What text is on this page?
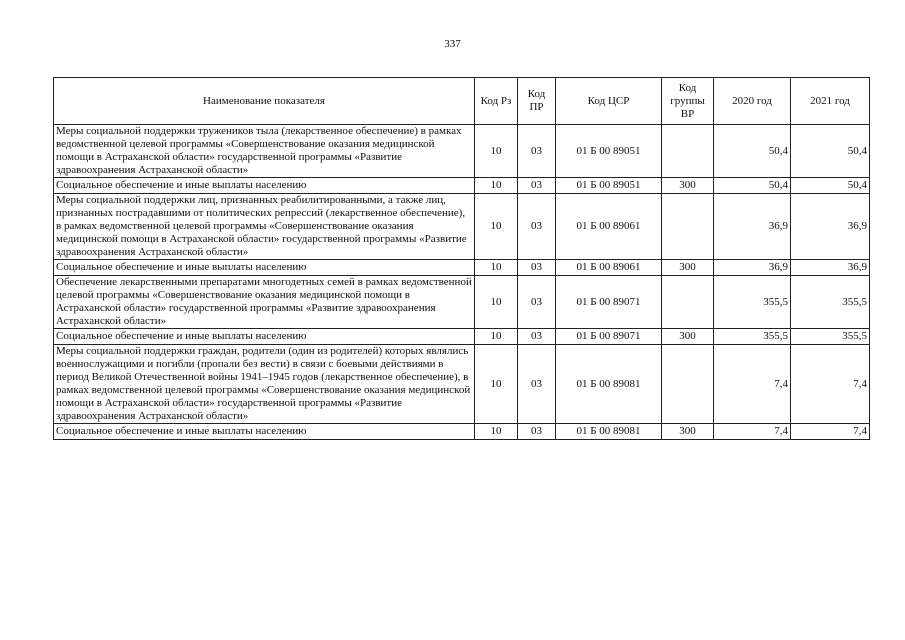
337
Наименование показателя	Код Рз	Код ПР	Код ЦСР	Код группы ВР	2020 год	2021 год
Меры социальной поддержки тружеников тыла (лекарственное обеспечение) в рамках ведомственной целевой программы «Совершенствование оказания медицинской помощи в Астраханской области» государственной программы «Развитие здравоохранения Астраханской области»	10	03	01 Б 00 89051		50,4	50,4
Социальное обеспечение и иные выплаты населению	10	03	01 Б 00 89051	300	50,4	50,4
Меры социальной поддержки лиц, признанных реабилитированными, а также лиц, признанных пострадавшими от политических репрессий (лекарственное обеспечение), в рамках ведомственной целевой программы «Совершенствование оказания медицинской помощи в Астраханской области» государственной программы «Развитие здравоохранения Астраханской области»	10	03	01 Б 00 89061		36,9	36,9
Социальное обеспечение и иные выплаты населению	10	03	01 Б 00 89061	300	36,9	36,9
Обеспечение лекарственными препаратами многодетных семей в рамках ведомственной целевой программы «Совершенствование оказания медицинской помощи в Астраханской области» государственной программы «Развитие здравоохранения Астраханской области»	10	03	01 Б 00 89071		355,5	355,5
Социальное обеспечение и иные выплаты населению	10	03	01 Б 00 89071	300	355,5	355,5
Меры социальной поддержки граждан, родители (один из родителей) которых являлись военнослужащими и погибли (пропали без вести) в связи с боевыми действиями в период Великой Отечественной войны 1941–1945 годов (лекарственное обеспечение), в рамках ведомственной целевой программы «Совершенствование оказания медицинской помощи в Астраханской области» государственной программы «Развитие здравоохранения Астраханской области»	10	03	01 Б 00 89081		7,4	7,4
Социальное обеспечение и иные выплаты населению	10	03	01 Б 00 89081	300	7,4	7,4
